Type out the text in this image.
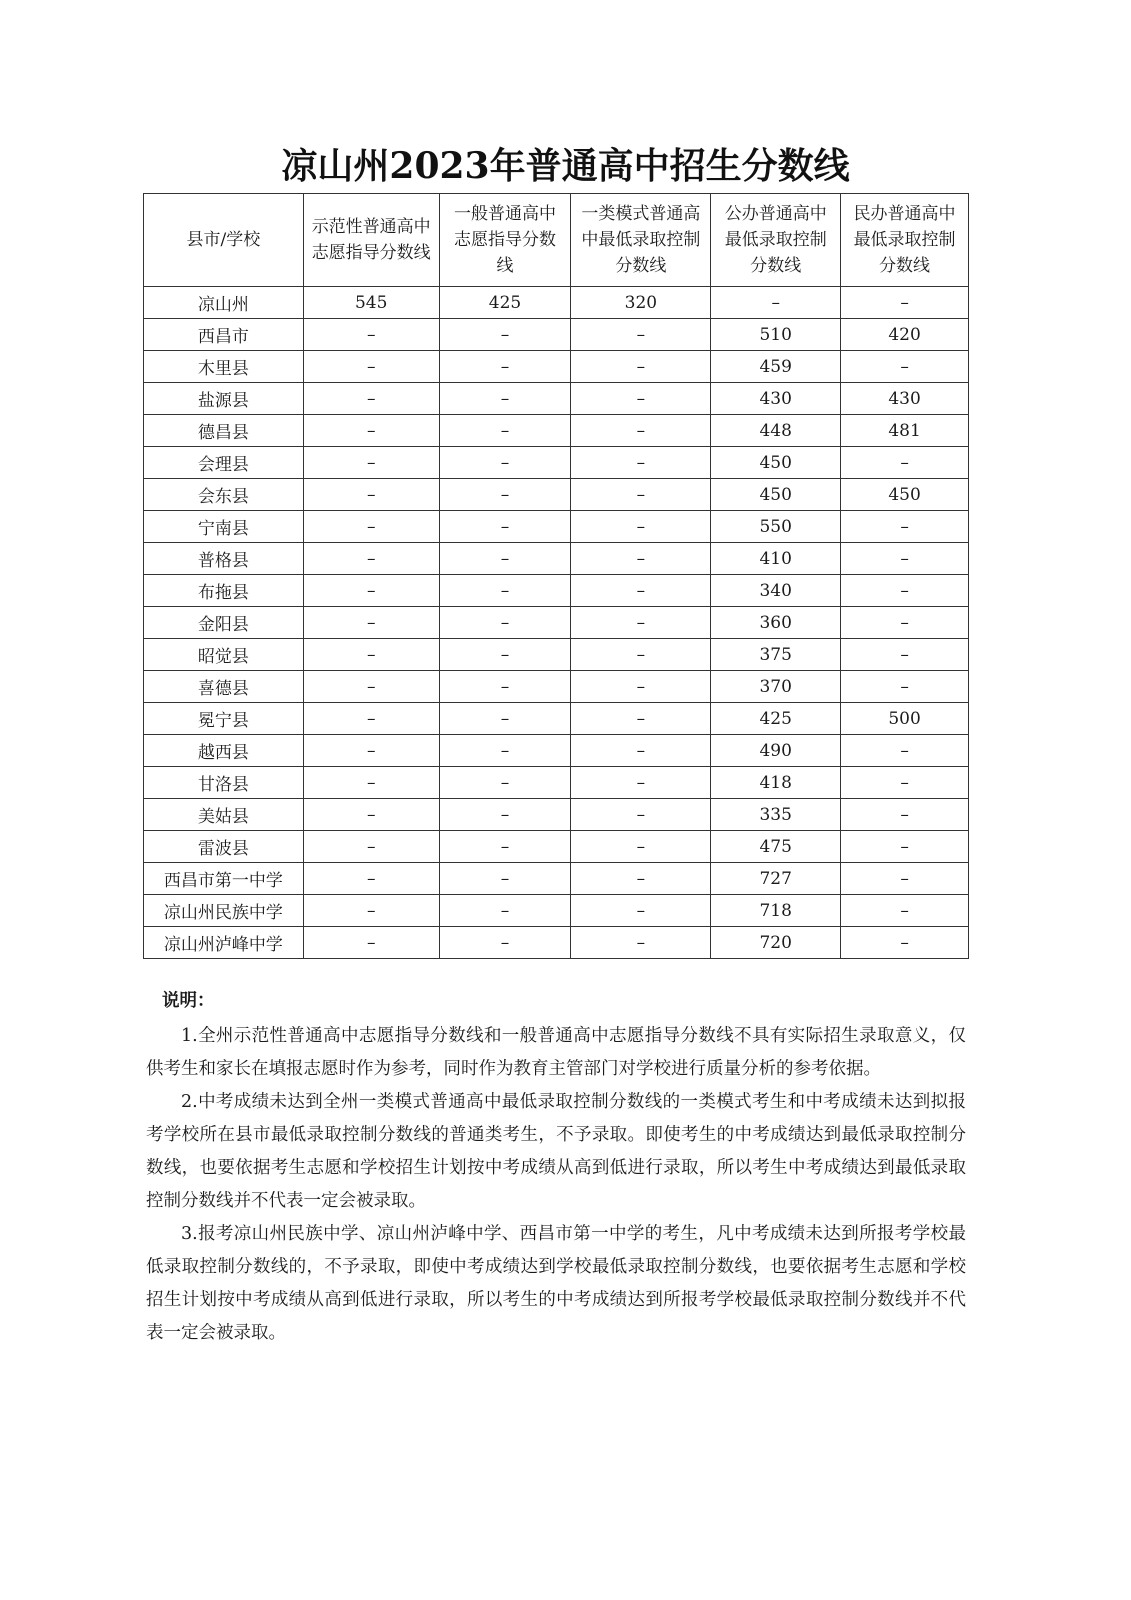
凉山州2023年普通高中招生分数线
县市/学校	示范性普通高中志愿指导分数线	一般普通高中志愿指导分数线	一类模式普通高中最低录取控制分数线	公办普通高中最低录取控制分数线	民办普通高中最低录取控制分数线
凉山州	545	425	320	–	–
西昌市	–	–	–	510	420
木里县	–	–	–	459	–
盐源县	–	–	–	430	430
德昌县	–	–	–	448	481
会理县	–	–	–	450	–
会东县	–	–	–	450	450
宁南县	–	–	–	550	–
普格县	–	–	–	410	–
布拖县	–	–	–	340	–
金阳县	–	–	–	360	–
昭觉县	–	–	–	375	–
喜德县	–	–	–	370	–
冕宁县	–	–	–	425	500
越西县	–	–	–	490	–
甘洛县	–	–	–	418	–
美姑县	–	–	–	335	–
雷波县	–	–	–	475	–
西昌市第一中学	–	–	–	727	–
凉山州民族中学	–	–	–	718	–
凉山州泸峰中学	–	–	–	720	–
说明：

1.全州示范性普通高中志愿指导分数线和一般普通高中志愿指导分数线不具有实际招生录取意义，仅供考生和家长在填报志愿时作为参考，同时作为教育主管部门对学校进行质量分析的参考依据。

2.中考成绩未达到全州一类模式普通高中最低录取控制分数线的一类模式考生和中考成绩未达到拟报考学校所在县市最低录取控制分数线的普通类考生，不予录取。即使考生的中考成绩达到最低录取控制分数线，也要依据考生志愿和学校招生计划按中考成绩从高到低进行录取，所以考生中考成绩达到最低录取控制分数线并不代表一定会被录取。

3.报考凉山州民族中学、凉山州泸峰中学、西昌市第一中学的考生，凡中考成绩未达到所报考学校最低录取控制分数线的，不予录取，即使中考成绩达到学校最低录取控制分数线，也要依据考生志愿和学校招生计划按中考成绩从高到低进行录取，所以考生的中考成绩达到所报考学校最低录取控制分数线并不代表一定会被录取。
